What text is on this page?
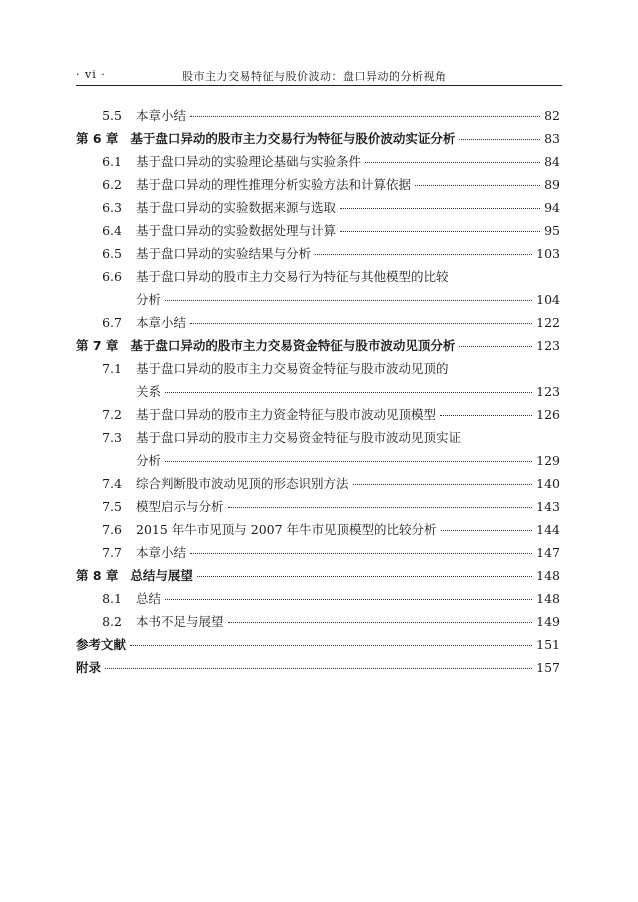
· vi ·	股市主力交易特征与股价波动：盘口异动的分析视角
5.5 本章小结	82
第 6 章 基于盘口异动的股市主力交易行为特征与股价波动实证分析	83
6.1 基于盘口异动的实验理论基础与实验条件	84
6.2 基于盘口异动的理性推理分析实验方法和计算依据	89
6.3 基于盘口异动的实验数据来源与选取	94
6.4 基于盘口异动的实验数据处理与计算	95
6.5 基于盘口异动的实验结果与分析	103
6.6 基于盘口异动的股市主力交易行为特征与其他模型的比较
分析	104
6.7 本章小结	122
第 7 章 基于盘口异动的股市主力交易资金特征与股市波动见顶分析	123
7.1 基于盘口异动的股市主力交易资金特征与股市波动见顶的
关系	123
7.2 基于盘口异动的股市主力资金特征与股市波动见顶模型	126
7.3 基于盘口异动的股市主力交易资金特征与股市波动见顶实证
分析	129
7.4 综合判断股市波动见顶的形态识别方法	140
7.5 模型启示与分析	143
7.6 2015 年牛市见顶与 2007 年牛市见顶模型的比较分析	144
7.7 本章小结	147
第 8 章 总结与展望	148
8.1 总结	148
8.2 本书不足与展望	149
参考文献	151
附录	157
